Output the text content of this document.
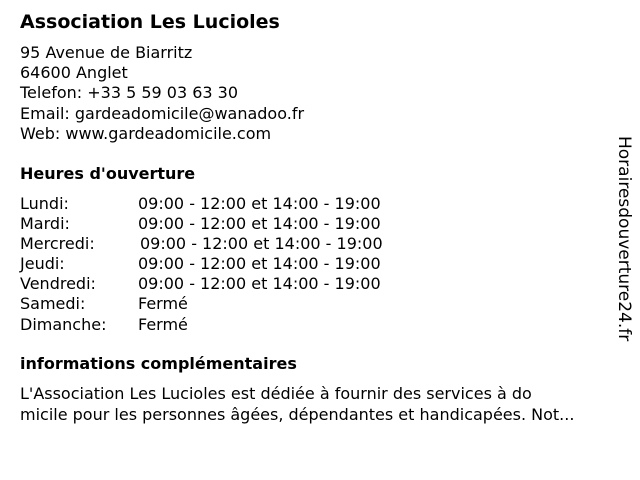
Association Les Lucioles
95 Avenue de Biarritz
64600 Anglet
Telefon: +33 5 59 03 63 30
Email: gardeadomicile@wanadoo.fr
Web: www.gardeadomicile.com
Heures d'ouverture
Lundi:	09:00 - 12:00 et 14:00 - 19:00
Mardi:	09:00 - 12:00 et 14:00 - 19:00
Mercredi:	09:00 - 12:00 et 14:00 - 19:00
Jeudi:	09:00 - 12:00 et 14:00 - 19:00
Vendredi:	09:00 - 12:00 et 14:00 - 19:00
Samedi:	Fermé
Dimanche: Fermé
informations complémentaires
L'Association Les Lucioles est dédiée à fournir des services à do
micile pour les personnes âgées, dépendantes et handicapées. Not...
Horairesdouverture24.fr
